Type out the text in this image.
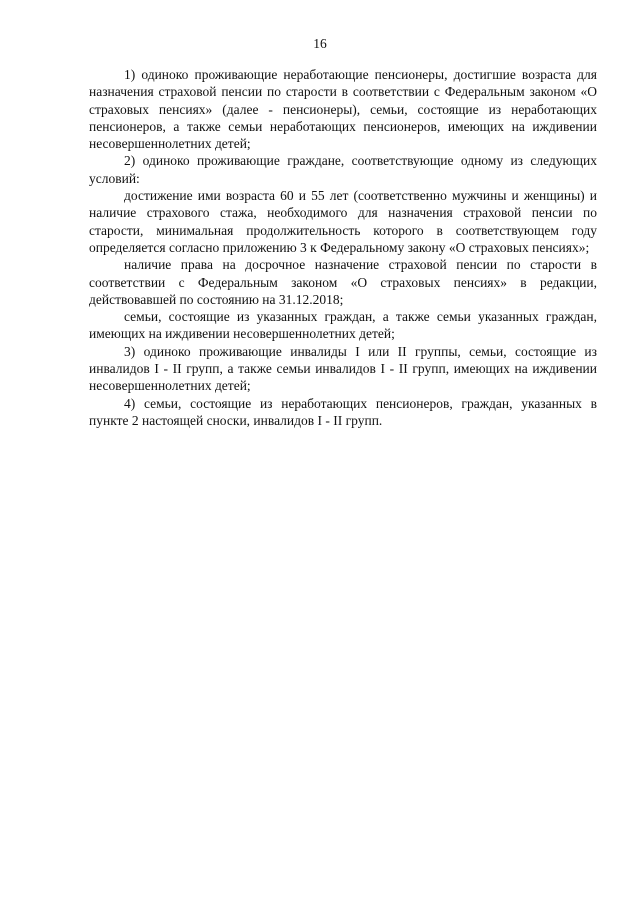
16

1) одиноко проживающие неработающие пенсионеры, достигшие возраста для назначения страховой пенсии по старости в соответствии с Федеральным законом «О страховых пенсиях» (далее - пенсионеры), семьи, состоящие из неработающих пенсионеров, а также семьи неработающих пенсионеров, имеющих на иждивении несовершеннолетних детей;

2) одиноко проживающие граждане, соответствующие одному из следующих условий:

достижение ими возраста 60 и 55 лет (соответственно мужчины и женщины) и наличие страхового стажа, необходимого для назначения страховой пенсии по старости, минимальная продолжительность которого в соответствующем году определяется согласно приложению 3 к Федеральному закону «О страховых пенсиях»;

наличие права на досрочное назначение страховой пенсии по старости в соответствии с Федеральным законом «О страховых пенсиях» в редакции, действовавшей по состоянию на 31.12.2018;

семьи, состоящие из указанных граждан, а также семьи указанных граждан, имеющих на иждивении несовершеннолетних детей;

3) одиноко проживающие инвалиды I или II группы, семьи, состоящие из инвалидов I - II групп, а также семьи инвалидов I - II групп, имеющих на иждивении несовершеннолетних детей;

4) семьи, состоящие из неработающих пенсионеров, граждан, указанных в пункте 2 настоящей сноски, инвалидов I - II групп.
